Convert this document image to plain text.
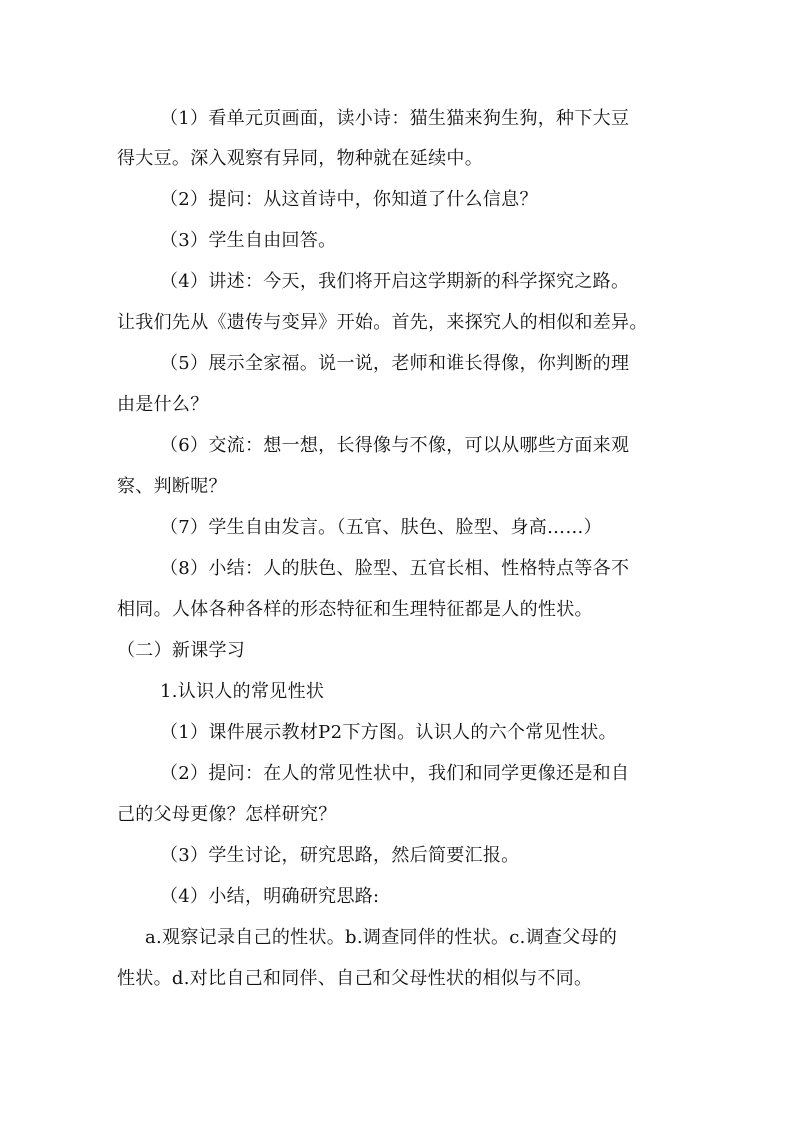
（1）看单元页画面，读小诗：猫生猫来狗生狗，种下大豆
得大豆。深入观察有异同，物种就在延续中。
（2）提问：从这首诗中，你知道了什么信息？
（3）学生自由回答。
（4）讲述：今天，我们将开启这学期新的科学探究之路。
让我们先从《遗传与变异》开始。首先，来探究人的相似和差异。
（5）展示全家福。说一说，老师和谁长得像，你判断的理
由是什么？
（6）交流：想一想，长得像与不像，可以从哪些方面来观
察、判断呢？
（7）学生自由发言。（五官、肤色、脸型、身高……）
（8）小结：人的肤色、脸型、五官长相、性格特点等各不
相同。人体各种各样的形态特征和生理特征都是人的性状。
（二）新课学习
1.认识人的常见性状
（1）课件展示教材P2下方图。认识人的六个常见性状。
（2）提问：在人的常见性状中，我们和同学更像还是和自
己的父母更像？怎样研究？
（3）学生讨论，研究思路，然后简要汇报。
（4）小结，明确研究思路:
a.观察记录自己的性状。b.调查同伴的性状。c.调查父母的
性状。d.对比自己和同伴、自己和父母性状的相似与不同。
